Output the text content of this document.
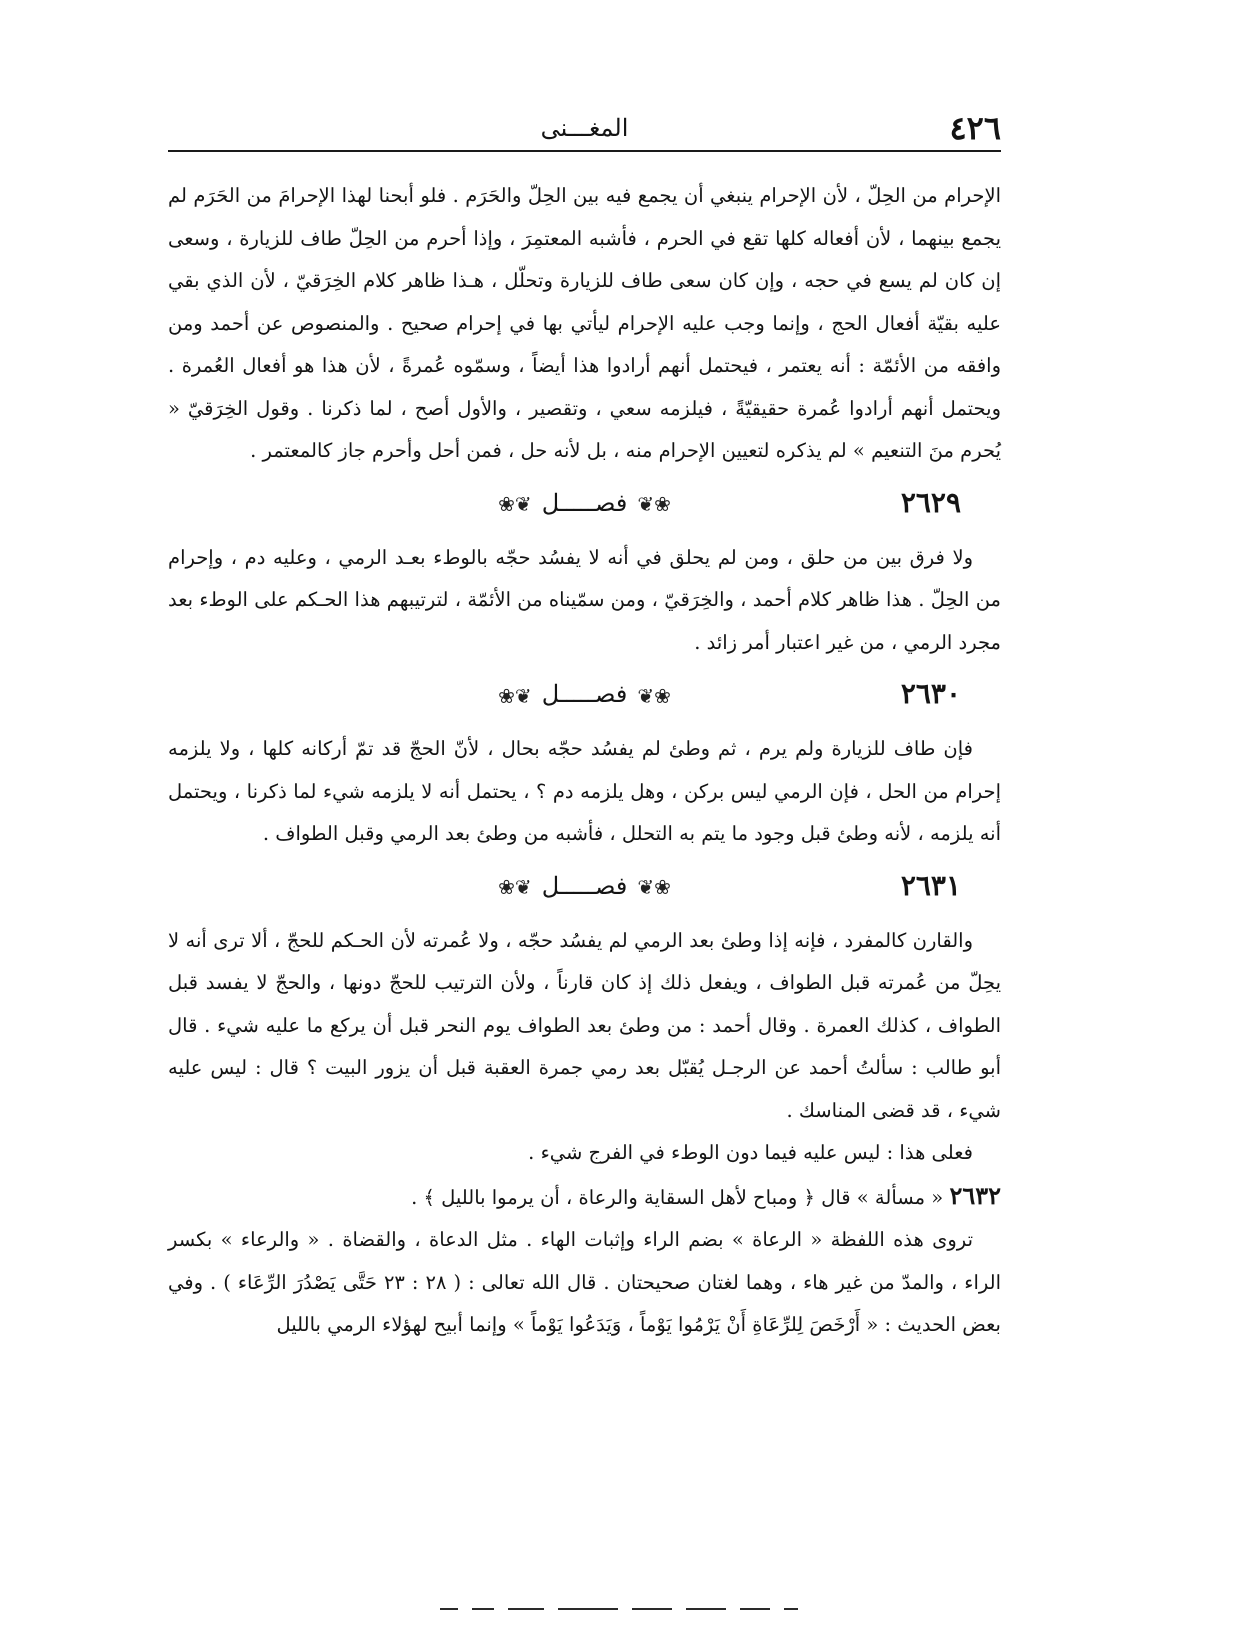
٤٢٦
المغـــنى

الإحرام من الحِلّ ، لأن الإحرام ينبغي أن يجمع فيه بين الحِلّ والحَرَم . فلو أبحنا لهذا الإحرامَ من الحَرَم لم يجمع بينهما ، لأن أفعاله كلها تقع في الحرم ، فأشبه المعتمِرَ ، وإذا أحرم من الحِلّ طاف للزيارة ، وسعى إن كان لم يسع في حجه ، وإن كان سعى طاف للزيارة وتحلّل ، هـذا ظاهر كلام الخِرَقيّ ، لأن الذي بقي عليه بقيّة أفعال الحج ، وإنما وجب عليه الإحرام ليأتي بها في إحرام صحيح . والمنصوص عن أحمد ومن وافقه من الأئمّة : أنه يعتمر ، فيحتمل أنهم أرادوا هذا أيضاً ، وسمّوه عُمرةً ، لأن هذا هو أفعال العُمرة . ويحتمل أنهم أرادوا عُمرة حقيقيّةً ، فيلزمه سعي ، وتقصير ، والأول أصح ، لما ذكرنا . وقول الخِرَقيّ « يُحرم منَ التنعيم » لم يذكره لتعيين الإحرام منه ، بل لأنه حل ، فمن أحل وأحرم جاز كالمعتمر .

٢٦٢٩
❀❦فصـــــل❦❀

ولا فرق بين من حلق ، ومن لم يحلق في أنه لا يفسُد حجّه بالوطء بعـد الرمي ، وعليه دم ، وإحرام من الحِلّ . هذا ظاهر كلام أحمد ، والخِرَقيّ ، ومن سمّيناه من الأئمّة ، لترتيبهم هذا الحـكم على الوطء بعد مجرد الرمي ، من غير اعتبار أمر زائد .

٢٦٣٠
❀❦فصـــــل❦❀

فإن طاف للزيارة ولم يرم ، ثم وطئ لم يفسُد حجّه بحال ، لأنّ الحجّ قد تمّ أركانه كلها ، ولا يلزمه إحرام من الحل ، فإن الرمي ليس بركن ، وهل يلزمه دم ؟ ، يحتمل أنه لا يلزمه شيء لما ذكرنا ، ويحتمل أنه يلزمه ، لأنه وطئ قبل وجود ما يتم به التحلل ، فأشبه من وطئ بعد الرمي وقبل الطواف .

٢٦٣١
❀❦فصـــــل❦❀

والقارن كالمفرد ، فإنه إذا وطئ بعد الرمي لم يفسُد حجّه ، ولا عُمرته لأن الحـكم للحجّ ، ألا ترى أنه لا يحِلّ من عُمرته قبل الطواف ، ويفعل ذلك إذ كان قارناً ، ولأن الترتيب للحجّ دونها ، والحجّ لا يفسد قبل الطواف ، كذلك العمرة . وقال أحمد : من وطئ بعد الطواف يوم النحر قبل أن يركع ما عليه شيء . قال أبو طالب : سألتُ أحمد عن الرجـل يُقبّل بعد رمي جمرة العقبة قبل أن يزور البيت ؟ قال : ليس عليه شيء ، قد قضى المناسك .

فعلى هذا : ليس عليه فيما دون الوطء في الفرج شيء .

٢٦٣٢ « مسألة » قال ﴿ ومباح لأهل السقاية والرعاة ، أن يرموا بالليل ﴾ .

تروى هذه اللفظة « الرعاة » بضم الراء وإثبات الهاء . مثل الدعاة ، والقضاة . « والرعاء » بكسر الراء ، والمدّ من غير هاء ، وهما لغتان صحيحتان . قال الله تعالى : ( ٢٨ : ٢٣ حَتَّى يَصْدُرَ الرِّعَاء ) . وفي بعض الحديث : « أَرْخَصَ لِلرِّعَاةِ أَنْ يَرْمُوا يَوْماً ، وَيَدَعُوا يَوْماً » وإنما أبيح لهؤلاء الرمي بالليل
